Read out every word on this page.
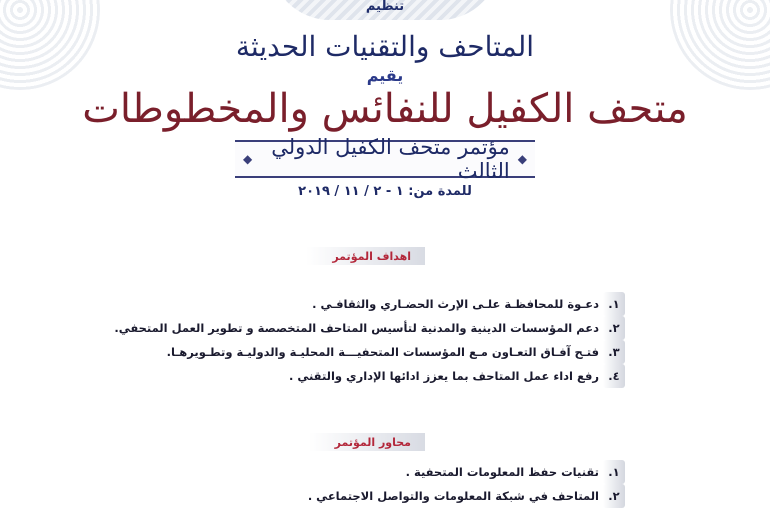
تنظيم
المتاحف والتقنيات الحديثة
يقيم
متحف الكفيل للنفائس والمخطوطات
◆ مؤتمر متحف الكفيل الدولي الثالث
◆
للمدة من: ١ - ٢ / ١١ / ٢٠١٩
اهداف المؤتمر
١.
دعـوة للمحافظـة علـى الإرث الحضـاري والثقافـي .
٢.
دعم المؤسسات الدينية والمدنية لتأسيس المتاحف المتخصصة و تطوير العمل المتحفي.
٣.
فتـح آفـاق التعـاون مـع المؤسسات المتحفيـــة المحليـة والدوليـة وتطـويرهـا.
٤.
رفع اداء عمل المتاحف بما يعزز ادائها الإداري والتقني .
محاور المؤتمر
١.
تقنيات حفظ المعلومات المتحفية .
٢.
المتاحف في شبكة المعلومات والتواصل الاجتماعي .
